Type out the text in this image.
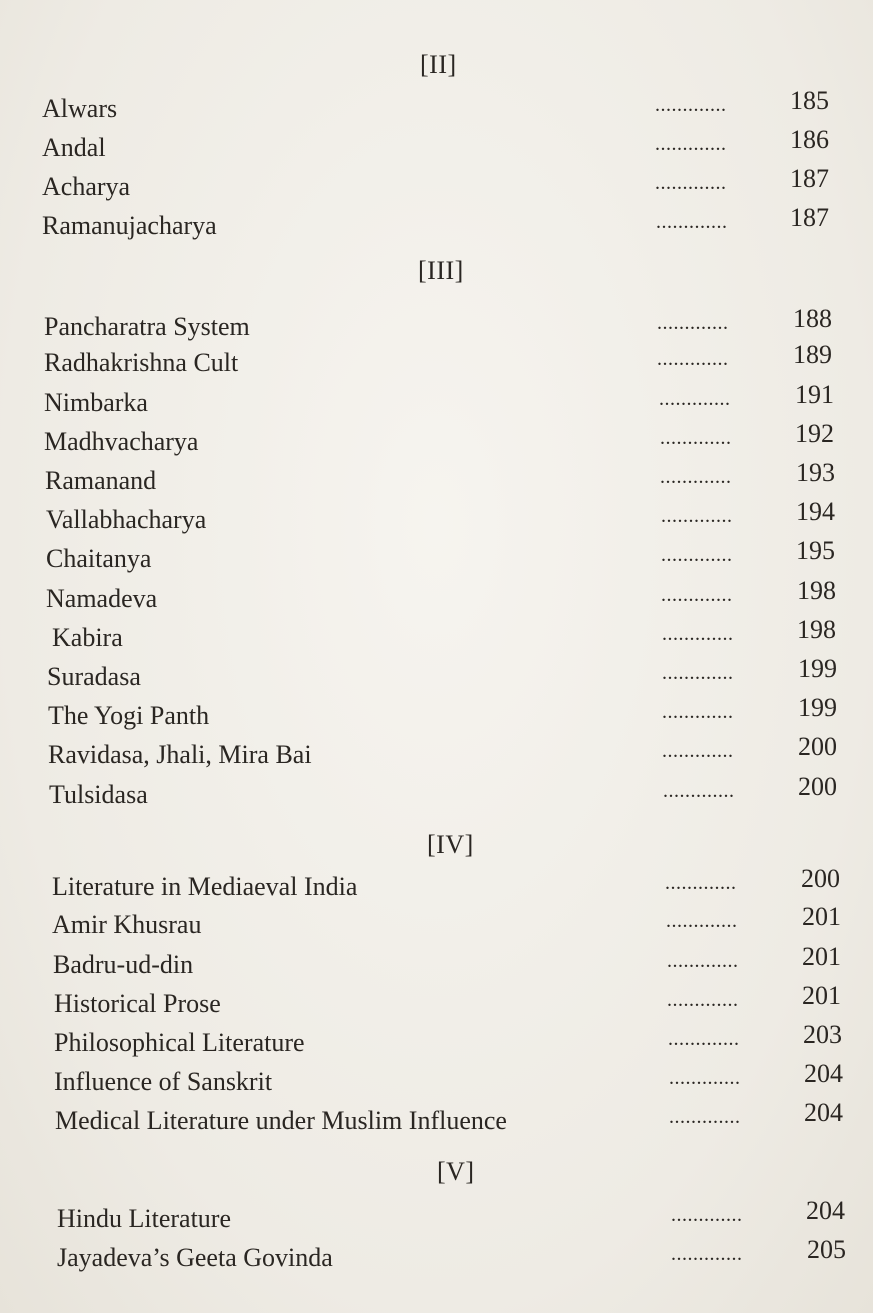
[II]
Alwars	............. 185
Andal	............. 186
Acharya	............. 187
Ramanujacharya	............. 187
[III]
Pancharatra System	............. 188
Radhakrishna Cult	............. 189
Nimbarka	............. 191
Madhvacharya	............. 192
Ramanand	............. 193
Vallabhacharya	............. 194
Chaitanya	............. 195
Namadeva	............. 198
Kabira	............. 198
Suradasa	............. 199
The Yogi Panth	............. 199
Ravidasa, Jhali, Mira Bai	............. 200
Tulsidasa	............. 200
[IV]
Literature in Mediaeval India	............. 200
Amir Khusrau	............. 201
Badru-ud-din	............. 201
Historical Prose	............. 201
Philosophical Literature	............. 203
Influence of Sanskrit	............. 204
Medical Literature under Muslim Influence	............. 204
[V]
Hindu Literature	............. 204
Jayadeva’s Geeta Govinda	............. 205
